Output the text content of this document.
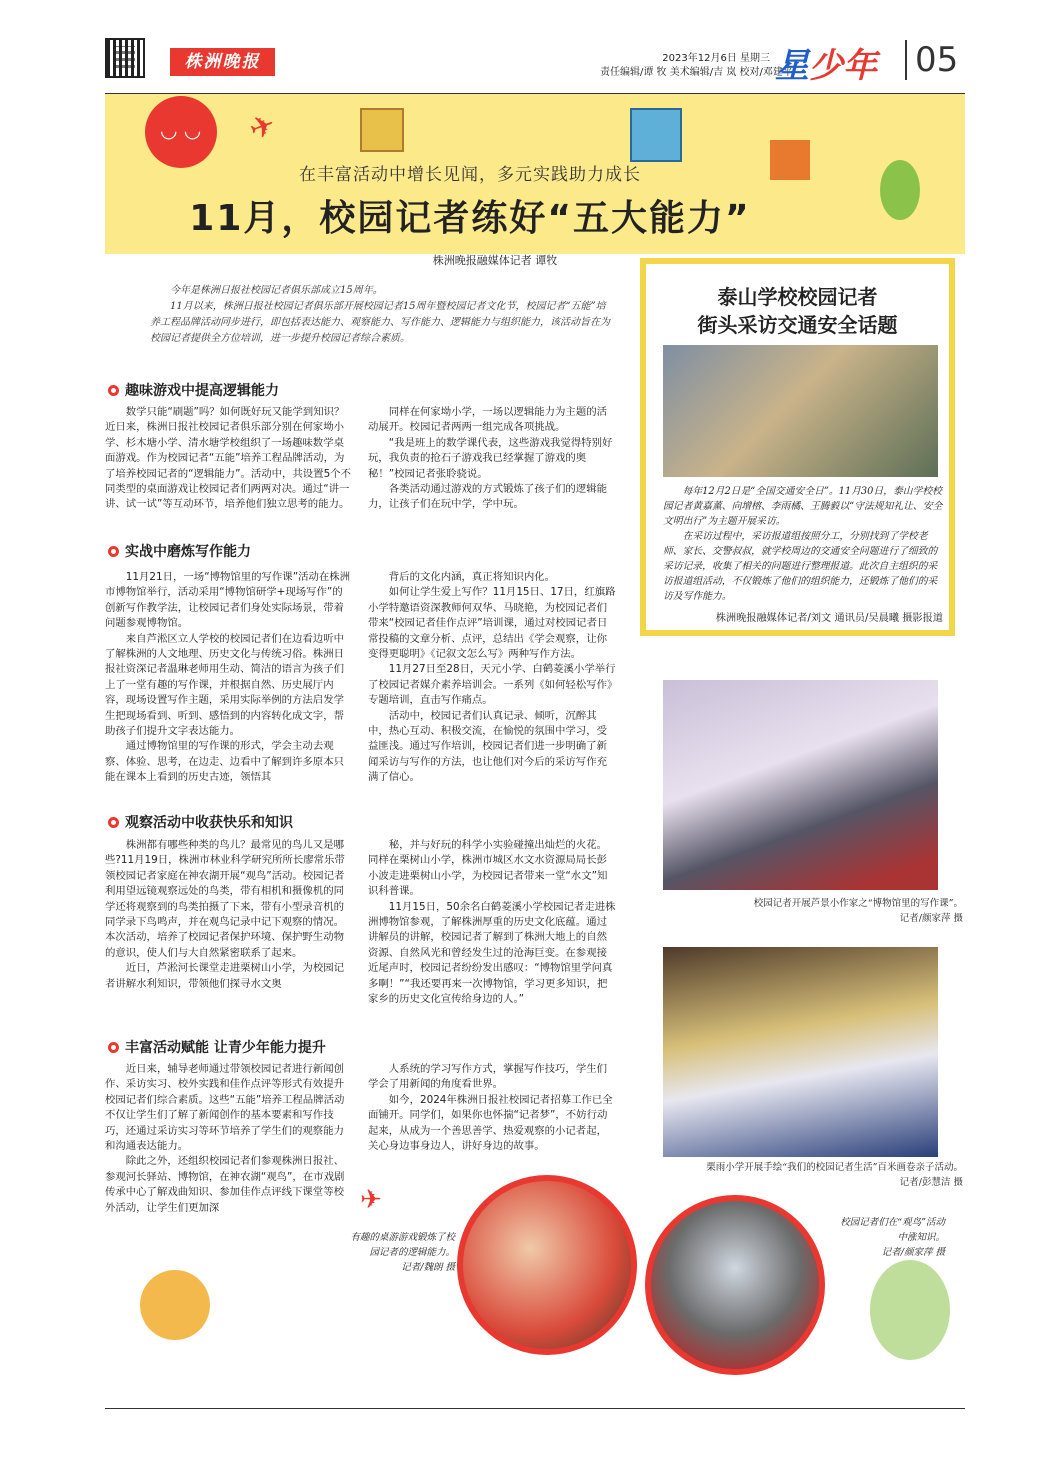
株洲晚报	2023年12月6日 星期三
责任编辑/谭 牧 美术编辑/吉 岚 校对/邓建平
星少年 05
◡ ◡ ✈
在丰富活动中增长见闻，多元实践助力成长
11月，校园记者练好“五大能力”
株洲晚报融媒体记者 谭牧

今年是株洲日报社校园记者俱乐部成立15周年。

11月以来，株洲日报社校园记者俱乐部开展校园记者15周年暨校园记者文化节，校园记者“五能”培养工程品牌活动同步进行，即包括表达能力、观察能力、写作能力、逻辑能力与组织能力，该活动旨在为校园记者提供全方位培训，进一步提升校园记者综合素质。

趣味游戏中提高逻辑能力

数学只能“刷题”吗？如何既好玩又能学到知识？近日来，株洲日报社校园记者俱乐部分别在何家坳小学、杉木塘小学、清水塘学校组织了一场趣味数学桌面游戏。作为校园记者“五能”培养工程品牌活动，为了培养校园记者的“逻辑能力”。活动中，共设置5个不同类型的桌面游戏让校园记者们两两对决。通过“讲一讲、试一试”等互动环节，培养他们独立思考的能力。

同样在何家坳小学，一场以逻辑能力为主题的活动展开。校园记者两两一组完成各项挑战。

“我是班上的数学课代表，这些游戏我觉得特别好玩，我负责的抢石子游戏我已经掌握了游戏的奥秘！”校园记者张聆骁说。

各类活动通过游戏的方式锻炼了孩子们的逻辑能力，让孩子们在玩中学，学中玩。

实战中磨炼写作能力

11月21日，一场“博物馆里的写作课”活动在株洲市博物馆举行，活动采用“博物馆研学+现场写作”的创新写作教学法，让校园记者们身处实际场景，带着问题参观博物馆。

来自芦淞区立人学校的校园记者们在边看边听中了解株洲的人文地理、历史文化与传统习俗。株洲日报社资深记者温琳老师用生动、简洁的语言为孩子们上了一堂有趣的写作课，并根据自然、历史展厅内容，现场设置写作主题，采用实际举例的方法启发学生把现场看到、听到、感悟到的内容转化成文字，帮助孩子们提升文字表达能力。

通过博物馆里的写作课的形式，学会主动去观察、体验、思考，在边走、边看中了解到许多原本只能在课本上看到的历史古迹，领悟其

背后的文化内涵，真正将知识内化。

如何让学生爱上写作？11月15日、17日，红旗路小学特邀语资深教师何双华、马晓艳，为校园记者们带来“校园记者佳作点评”培训课，通过对校园记者日常投稿的文章分析、点评，总结出《学会观察，让你变得更聪明》《记叙文怎么写》两种写作方法。

11月27日至28日，天元小学、白鹤菱溪小学举行了校园记者媒介素养培训会。一系列《如何轻松写作》专题培训，直击写作痛点。

活动中，校园记者们认真记录、倾听，沉醉其中，热心互动、积极交流，在愉悦的氛围中学习，受益匪浅。通过写作培训，校园记者们进一步明确了新闻采访与写作的方法，也让他们对今后的采访写作充满了信心。

观察活动中收获快乐和知识

株洲都有哪些种类的鸟儿？最常见的鸟儿又是哪些?11月19日，株洲市林业科学研究所所长廖常乐带领校园记者家庭在神农湖开展“观鸟”活动。校园记者利用望远镜观察远处的鸟类，带有相机和摄像机的同学还将观察到的鸟类拍摄了下来，带有小型录音机的同学录下鸟鸣声，并在观鸟记录中记下观察的情况。本次活动，培养了校园记者保护环境、保护野生动物的意识，使人们与大自然紧密联系了起来。

近日，芦淞河长课堂走进栗树山小学，为校园记者讲解水利知识，带领他们探寻水文奥

秘，并与好玩的科学小实验碰撞出灿烂的火花。同样在栗树山小学，株洲市城区水文水资源局局长彭小波走进栗树山小学，为校园记者带来一堂“水文”知识科普课。

11月15日，50余名白鹤菱溪小学校园记者走进株洲博物馆参观，了解株洲厚重的历史文化底蕴。通过讲解员的讲解，校园记者了解到了株洲大地上的自然资源、自然风光和曾经发生过的沧海巨变。在参观接近尾声时，校园记者纷纷发出感叹：“博物馆里学问真多啊！”“我还要再来一次博物馆，学习更多知识，把家乡的历史文化宣传给身边的人。”

丰富活动赋能 让青少年能力提升

近日来，辅导老师通过带领校园记者进行新闻创作、采访实习、校外实践和佳作点评等形式有效提升校园记者们综合素质。这些“五能”培养工程品牌活动不仅让学生们了解了新闻创作的基本要素和写作技巧，还通过采访实习等环节培养了学生们的观察能力和沟通表达能力。

除此之外，还组织校园记者们参观株洲日报社、参观河长驿站、博物馆，在神农湖“观鸟”，在市戏剧传承中心了解戏曲知识、参加佳作点评线下课堂等校外活动，让学生们更加深

人系统的学习写作方式，掌握写作技巧，学生们学会了用新闻的角度看世界。

如今，2024年株洲日报社校园记者招募工作已全面铺开。同学们，如果你也怀揣“记者梦”，不妨行动起来，从成为一个善思善学、热爱观察的小记者起，关心身边事身边人，讲好身边的故事。

泰山学校校园记者
街头采访交通安全话题

每年12月2日是“全国交通安全日”。11月30日，泰山学校校园记者黄嘉薰、向增榕、李雨橘、王腾毅以“守法规知礼让、安全文明出行”为主题开展采访。

在采访过程中，采访报道组按照分工，分别找到了学校老师、家长、交警叔叔，就学校周边的交通安全问题进行了细致的采访记录，收集了相关的问题进行整理报道。此次自主组织的采访报道组活动，不仅锻炼了他们的组织能力，还锻炼了他们的采访及写作能力。

株洲晚报融媒体记者/刘文 通讯员/吴晨曦 摄影报道
校园记者开展芦景小作家之“博物馆里的写作课”。
记者/颜家萍 摄
栗雨小学开展手绘“我们的校园记者生活”百米画卷亲子活动。
记者/彭慧洁 摄
✈
有趣的桌游游戏锻炼了校园记者的逻辑能力。
记者/魏朗 摄
校园记者们在“观鸟”活动中涨知识。
记者/颜家萍 摄
